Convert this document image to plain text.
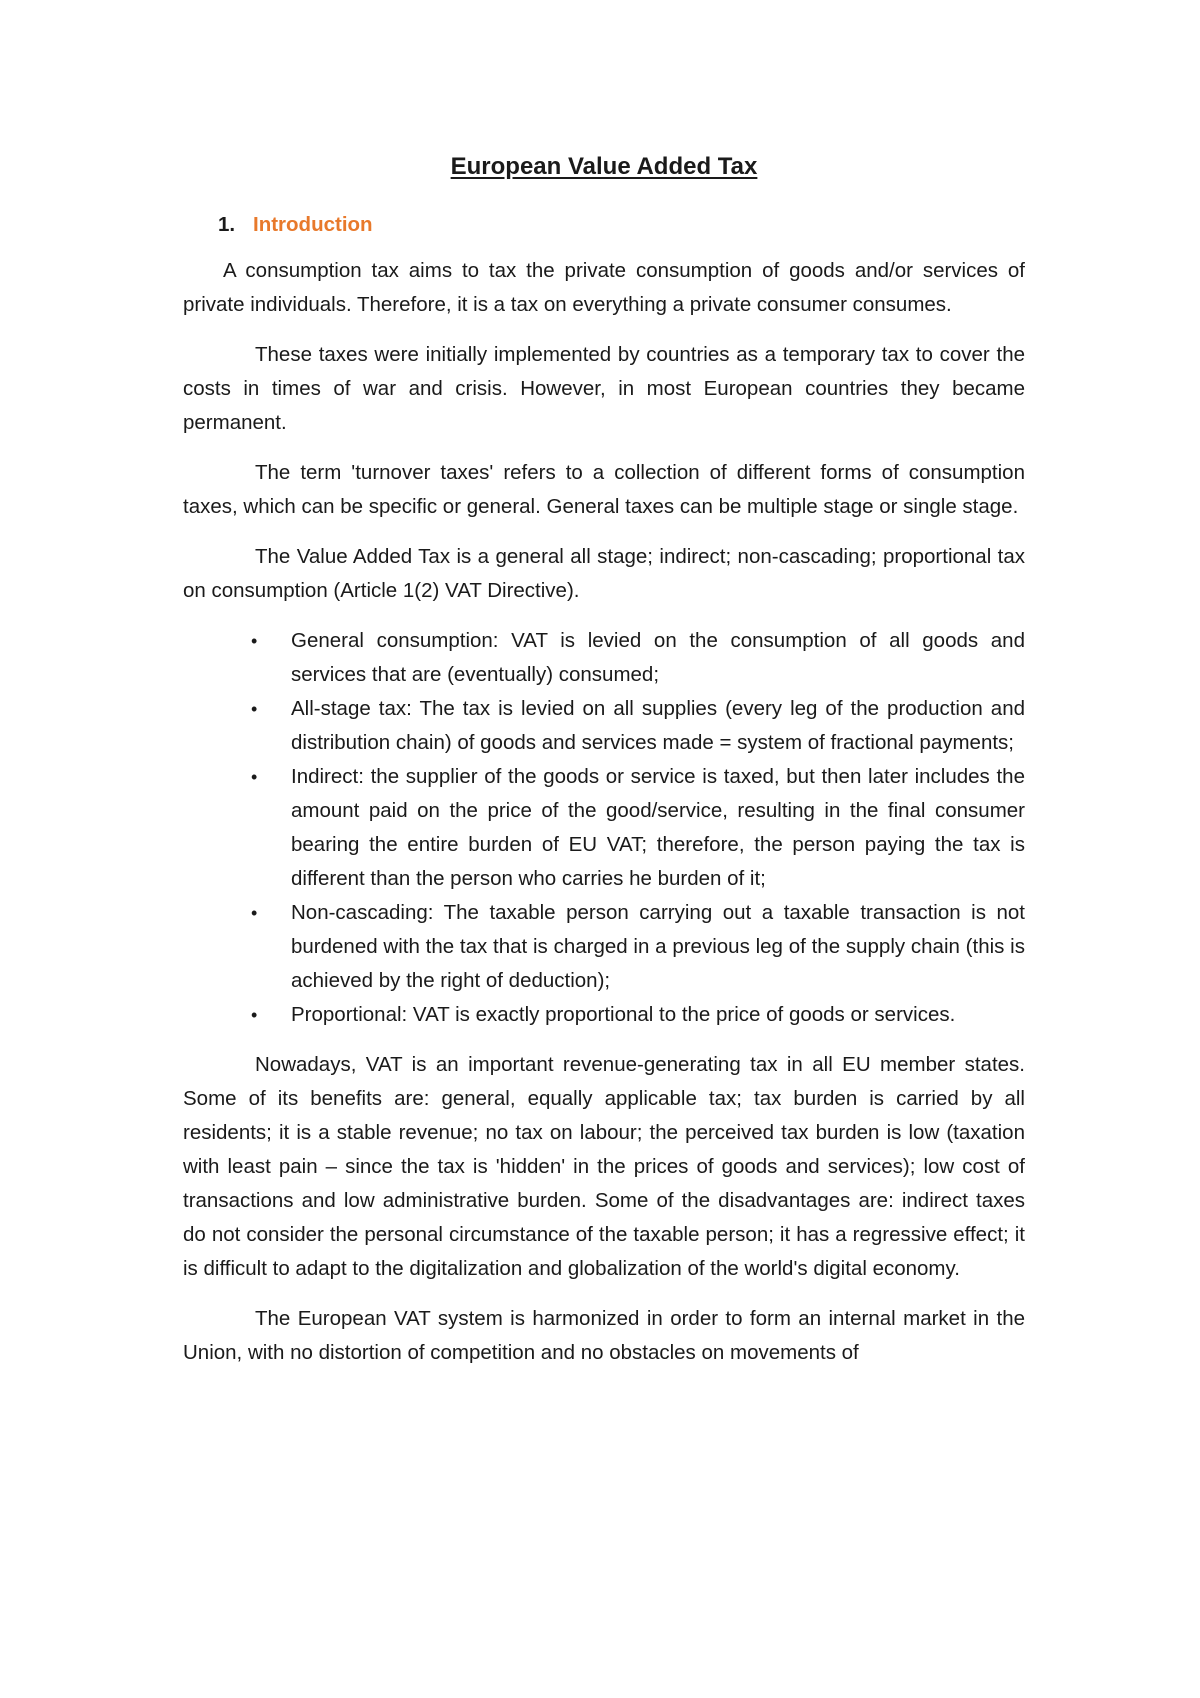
European Value Added Tax
1. Introduction

A consumption tax aims to tax the private consumption of goods and/or services of private individuals. Therefore, it is a tax on everything a private consumer consumes.

These taxes were initially implemented by countries as a temporary tax to cover the costs in times of war and crisis. However, in most European countries they became permanent.

The term 'turnover taxes' refers to a collection of different forms of consumption taxes, which can be specific or general. General taxes can be multiple stage or single stage.

The Value Added Tax is a general all stage; indirect; non-cascading; proportional tax on consumption (Article 1(2) VAT Directive).

• General consumption: VAT is levied on the consumption of all goods and services that are (eventually) consumed;
• All-stage tax: The tax is levied on all supplies (every leg of the production and distribution chain) of goods and services made = system of fractional payments;
• Indirect: the supplier of the goods or service is taxed, but then later includes the amount paid on the price of the good/service, resulting in the final consumer bearing the entire burden of EU VAT; therefore, the person paying the tax is different than the person who carries he burden of it;
• Non-cascading: The taxable person carrying out a taxable transaction is not burdened with the tax that is charged in a previous leg of the supply chain (this is achieved by the right of deduction);
• Proportional: VAT is exactly proportional to the price of goods or services.

Nowadays, VAT is an important revenue-generating tax in all EU member states. Some of its benefits are: general, equally applicable tax; tax burden is carried by all residents; it is a stable revenue; no tax on labour; the perceived tax burden is low (taxation with least pain – since the tax is 'hidden' in the prices of goods and services); low cost of transactions and low administrative burden. Some of the disadvantages are: indirect taxes do not consider the personal circumstance of the taxable person; it has a regressive effect; it is difficult to adapt to the digitalization and globalization of the world's digital economy.

The European VAT system is harmonized in order to form an internal market in the Union, with no distortion of competition and no obstacles on movements of
